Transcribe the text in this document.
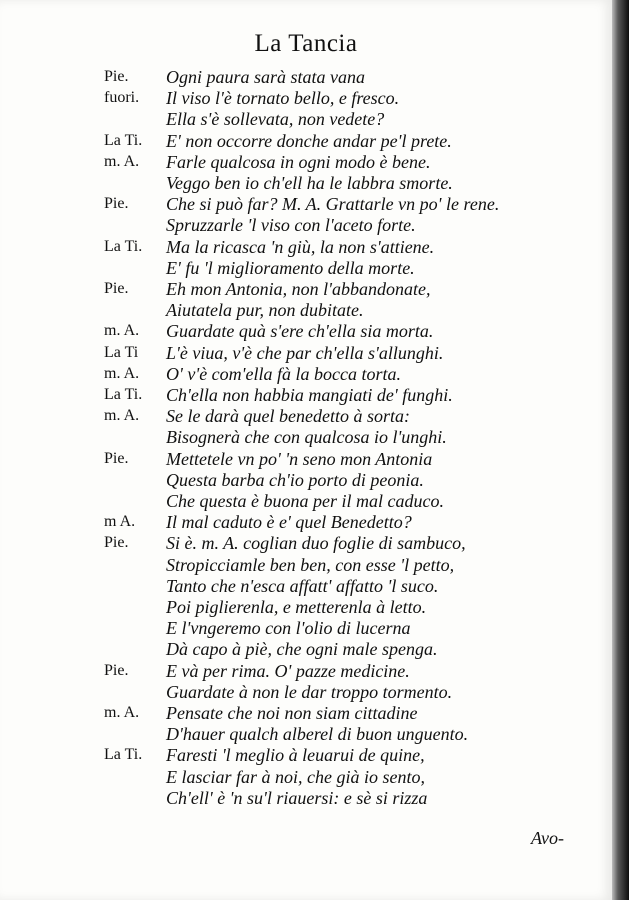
La Tancia
Pie. Ogni paura sarà stata vana
fuori. Il viso l'è tornato bello, e fresco.
Ella s'è sollevata, non vedete?
La Ti. E' non occorre donche andar pe'l prete.
m. A. Farle qualcosa in ogni modo è bene.
Veggo ben io ch'ell ha le labbra smorte.
Pie. Che si può far? M. A. Grattarle vn po' le rene.
Spruzzarle 'l viso con l'aceto forte.
La Ti. Ma la ricasca 'n giù, la non s'attiene.
E' fu 'l miglioramento della morte.
Pie. Eh mon Antonia, non l'abbandonate,
Aiutatela pur, non dubitate.
m. A. Guardate quà s'ere ch'ella sia morta.
La Ti L'è viua, v'è che par ch'ella s'allunghi.
m. A. O' v'è com'ella fà la bocca torta.
La Ti. Ch'ella non habbia mangiati de' funghi.
m. A. Se le darà quel benedetto à sorta:
Bisognerà che con qualcosa io l'unghi.
Pie. Mettetele vn po' 'n seno mon Antonia
Questa barba ch'io porto di peonia.
Che questa è buona per il mal caduco.
m A. Il mal caduto è e' quel Benedetto?
Pie. Si è. m. A. coglian duo foglie di sambuco,
Stropicciamle ben ben, con esse 'l petto,
Tanto che n'esca affatt' affatto 'l suco.
Poi piglierenla, e metterenla à letto.
E l'vngeremo con l'olio di lucerna
Dà capo à piè, che ogni male spenga.
Pie. E và per rima. O' pazze medicine.
Guardate à non le dar troppo tormento.
m. A. Pensate che noi non siam cittadine
D'hauer qualch alberel di buon unguento.
La Ti. Faresti 'l meglio à leuarui de quine,
E lasciar far à noi, che già io sento,
Ch'ell' è 'n su'l riauersi: e sè si rizza
Avo-
